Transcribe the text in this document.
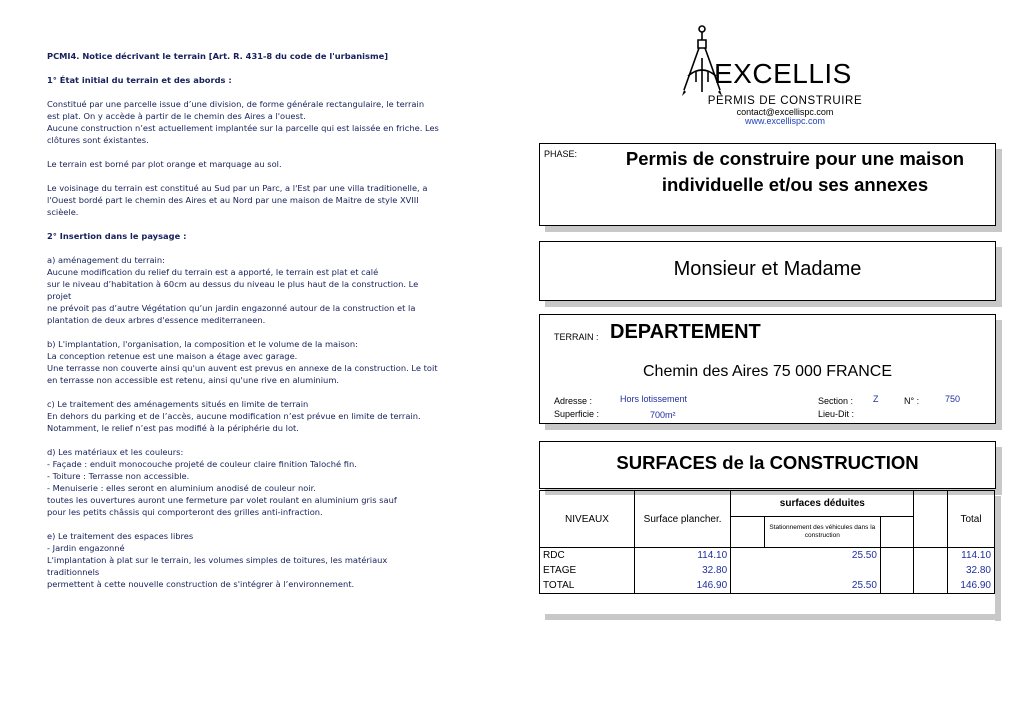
PCMI4. Notice décrivant le terrain [Art. R. 431-8 du code de l'urbanisme]

1° État initial du terrain et des abords :

Constitué par une parcelle issue d’une division, de forme générale rectangulaire, le terrain
est plat. On y accède à partir de le chemin des Aires a l'ouest.
Aucune construction n’est actuellement implantée sur la parcelle qui est laissée en friche. Les
clôtures sont éxistantes.

Le terrain est borné par plot orange et marquage au sol.

Le voisinage du terrain est constitué au Sud par un Parc, a l'Est par une villa traditionelle, a
l'Ouest bordé part le chemin des Aires et au Nord par une maison de Maitre de style XVIII
scièele.

2° Insertion dans le paysage :

a) aménagement du terrain:
Aucune modification du relief du terrain est a apporté, le terrain est plat et calé
sur le niveau d’habitation à 60cm au dessus du niveau le plus haut de la construction. Le
projet
ne prévoit pas d’autre Végétation qu’un jardin engazonné autour de la construction et la
plantation de deux arbres d'essence mediterraneen.

b) L'implantation, l'organisation, la composition et le volume de la maison:
La conception retenue est une maison a étage avec garage.
Une terrasse non couverte ainsi qu'un auvent est prevus en annexe de la construction. Le toit
en terrasse non accessible est retenu, ainsi qu'une rive en aluminium.

c) Le traitement des aménagements situés en limite de terrain
En dehors du parking et de l’accès, aucune modification n’est prévue en limite de terrain.
Notamment, le relief n’est pas modifié à la périphérie du lot.

d) Les matériaux et les couleurs:
- Façade : enduit monocouche projeté de couleur claire finition Taloché fin.
- Toiture : Terrasse non accessible.
- Menuiserie : elles seront en aluminium anodisé de couleur noir.
toutes les ouvertures auront une fermeture par volet roulant en aluminium gris sauf
pour les petits châssis qui comporteront des grilles anti-infraction.

e) Le traitement des espaces libres
- Jardin engazonné
L'implantation à plat sur le terrain, les volumes simples de toitures, les matériaux
traditionnels
permettent à cette nouvelle construction de s'intégrer à l’environnement.

EXCELLIS
PERMIS DE CONSTRUIRE
contact@excellispc.com
www.excellispc.com
PHASE:	Permis de construire pour une maison individuelle et/ou ses annexes
Monsieur et Madame
TERRAIN : DEPARTEMENT
Chemin des Aires 75 000 FRANCE
Adresse :	Hors lotissement
Superficie :	700m²
Section : Z	N° :	750
Lieu-Dit :
SURFACES de la CONSTRUCTION
NIVEAUX	Surface plancher.	surfaces déduites				Total
			Stationnement des véhicules dans la construction			
RDC	114.10	25.50				114.10
ETAGE	32.80					32.80
TOTAL	146.90	25.50				146.90
